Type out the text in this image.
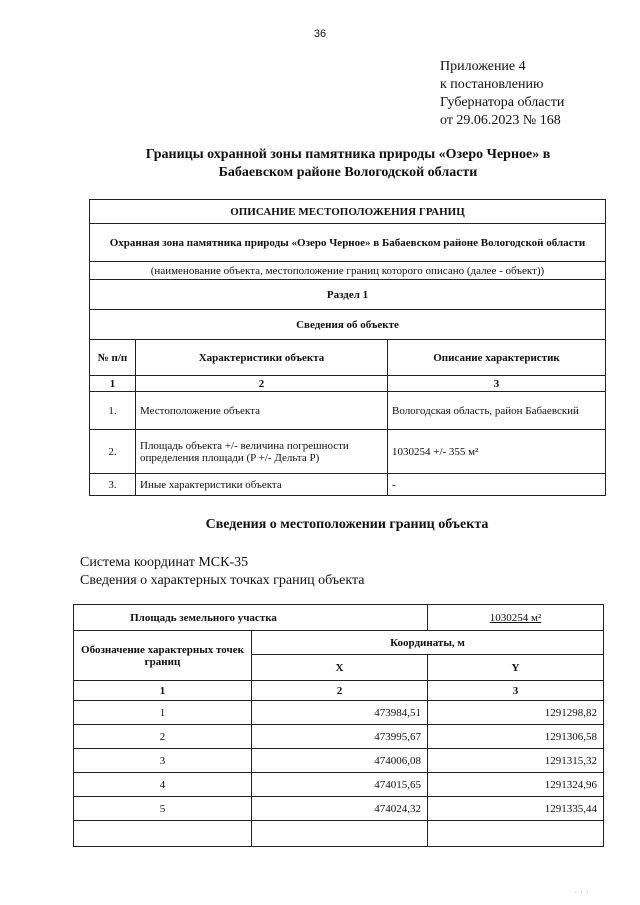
36
Приложение 4
к постановлению
Губернатора области
от 29.06.2023 № 168
Границы охранной зоны памятника природы «Озеро Черное» в
Бабаевском районе Вологодской области
ОПИСАНИЕ МЕСТОПОЛОЖЕНИЯ ГРАНИЦ		
Охранная зона памятника природы «Озеро Черное» в Бабаевском районе Вологодской области		
(наименование объекта, местоположение границ которого описано (далее - объект))		
Раздел 1		
Сведения об объекте		
№ п/п	Характеристики объекта	Описание характеристик
1	2	3
1.	Местоположение объекта	Вологодская область, район Бабаевский
2.	Площадь объекта +/- величина погрешности определения площади (P +/- Дельта P)	1030254 +/- 355 м²
3.	Иные характеристики объекта	-
Сведения о местоположении границ объекта
Система координат МСК-35
Сведения о характерных точках границ объекта
Площадь земельного участка		1030254 м²
Обозначение характерных точек границ	Координаты, м	
	X	Y
1	2	3
1	473984,51	1291298,82
2	473995,67	1291306,58
3	474006,08	1291315,32
4	474015,65	1291324,96
5	474024,32	1291335,44

· · ·
